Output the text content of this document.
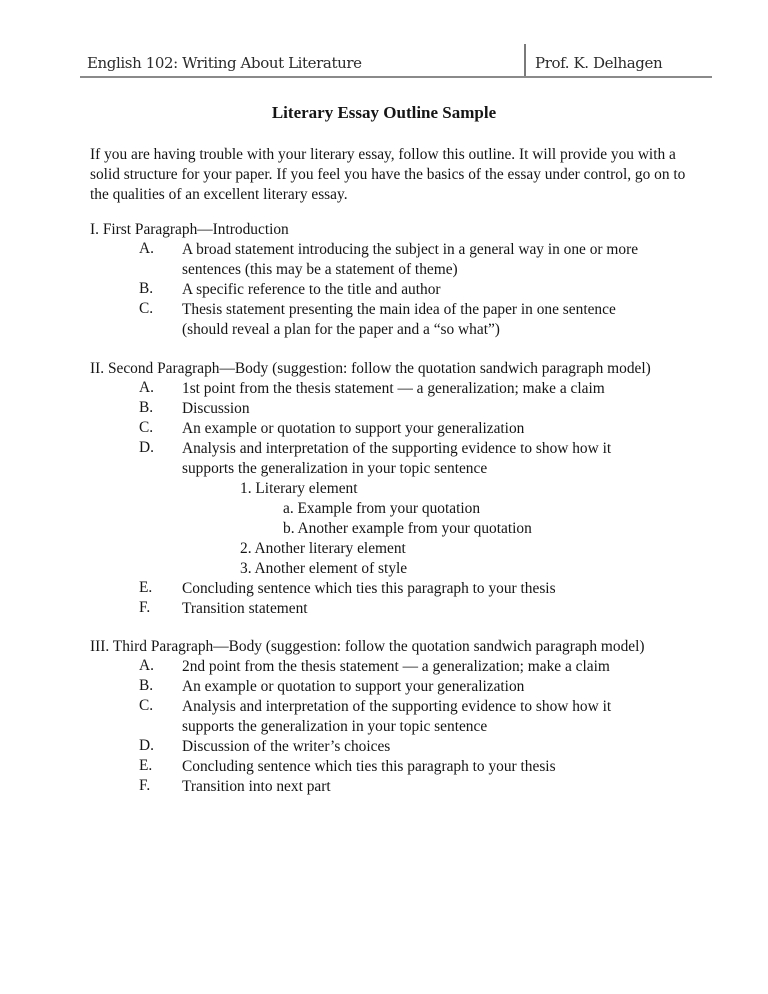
English 102: Writing About Literature	Prof. K. Delhagen
Literary Essay Outline Sample
If you are having trouble with your literary essay, follow this outline. It will provide you with a solid structure for your paper. If you feel you have the basics of the essay under control, go on to the qualities of an excellent literary essay.
I. First Paragraph—Introduction
A. A broad statement introducing the subject in a general way in one or more sentences (this may be a statement of theme)
B. A specific reference to the title and author
C. Thesis statement presenting the main idea of the paper in one sentence (should reveal a plan for the paper and a “so what”)
II. Second Paragraph—Body (suggestion: follow the quotation sandwich paragraph model)
A. 1st point from the thesis statement — a generalization; make a claim
B. Discussion
C. An example or quotation to support your generalization
D. Analysis and interpretation of the supporting evidence to show how it supports the generalization in your topic sentence
1. Literary element
a. Example from your quotation
b. Another example from your quotation
2. Another literary element
3. Another element of style
E. Concluding sentence which ties this paragraph to your thesis
F. Transition statement
III. Third Paragraph—Body (suggestion: follow the quotation sandwich paragraph model)
A. 2nd point from the thesis statement — a generalization; make a claim
B. An example or quotation to support your generalization
C. Analysis and interpretation of the supporting evidence to show how it supports the generalization in your topic sentence
D. Discussion of the writer’s choices
E. Concluding sentence which ties this paragraph to your thesis
F. Transition into next part
